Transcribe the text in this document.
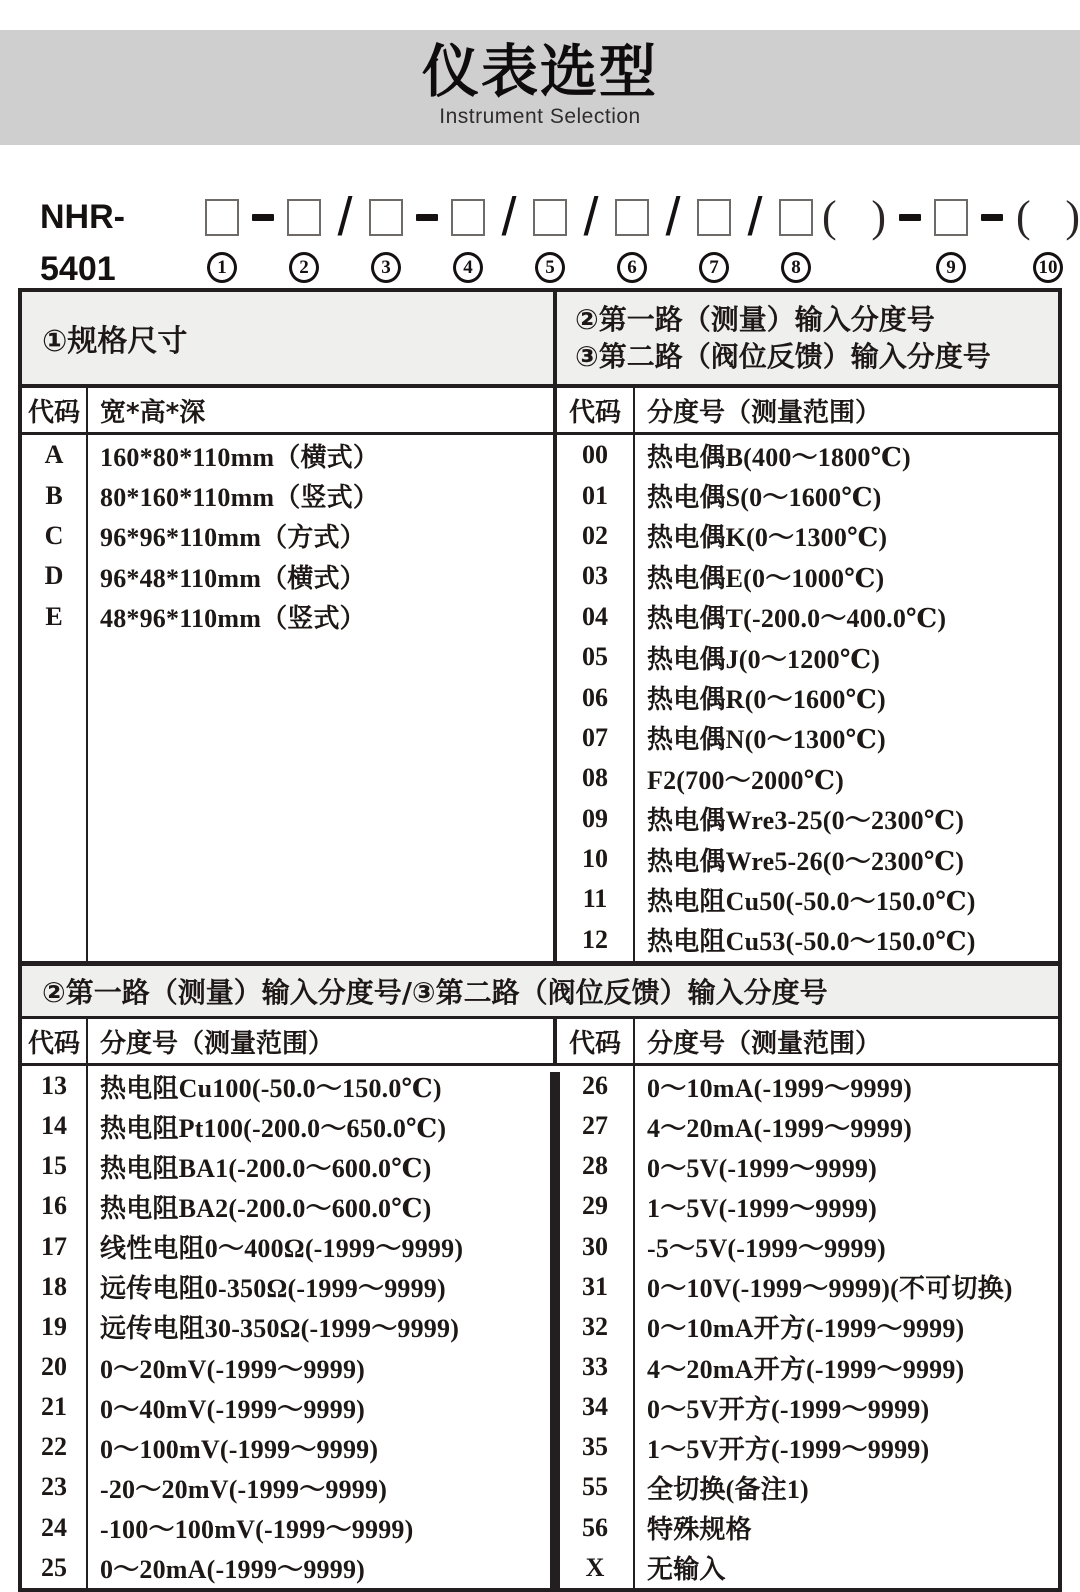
仪表选型
Instrument Selection
NHR-5401	1	2
/
3	4
/
5
/
6
/
7
/
8
( )
9
( )
10
①规格尺寸
②第一路（测量）输入分度号
③第二路（阀位反馈）输入分度号
代码 宽*高*深	代码	分度号（测量范围）
A	160*80*110mm（横式）
B	80*160*110mm（竖式）
C	96*96*110mm（方式）
D	96*48*110mm（横式）
E	48*96*110mm（竖式）
00	热电偶B(400～1800℃)
01	热电偶S(0～1600℃)
02	热电偶K(0～1300℃)
03	热电偶E(0～1000℃)
04	热电偶T(-200.0～400.0℃)
05	热电偶J(0～1200℃)
06	热电偶R(0～1600℃)
07	热电偶N(0～1300℃)
08	F2(700～2000℃)
09	热电偶Wre3-25(0～2300℃)
10	热电偶Wre5-26(0～2300℃)
11	热电阻Cu50(-50.0～150.0℃)
12	热电阻Cu53(-50.0～150.0℃)
②第一路（测量）输入分度号/③第二路（阀位反馈）输入分度号
代码 分度号（测量范围）	代码	分度号（测量范围）
13	热电阻Cu100(-50.0～150.0℃)
14	热电阻Pt100(-200.0～650.0℃)
15	热电阻BA1(-200.0～600.0℃)
16	热电阻BA2(-200.0～600.0℃)
17	线性电阻0～400Ω(-1999～9999)
18	远传电阻0-350Ω(-1999～9999)
19	远传电阻30-350Ω(-1999～9999)
20	0～20mV(-1999～9999)
21	0～40mV(-1999～9999)
22	0～100mV(-1999～9999)
23	-20～20mV(-1999～9999)
24	-100～100mV(-1999～9999)
25	0～20mA(-1999～9999)
26	0～10mA(-1999～9999)
27	4～20mA(-1999～9999)
28	0～5V(-1999～9999)
29	1～5V(-1999～9999)
30	-5～5V(-1999～9999)
31	0～10V(-1999～9999)(不可切换)
32	0～10mA开方(-1999～9999)
33	4～20mA开方(-1999～9999)
34	0～5V开方(-1999～9999)
35	1～5V开方(-1999～9999)
55	全切换(备注1)
56	特殊规格
X	无输入
